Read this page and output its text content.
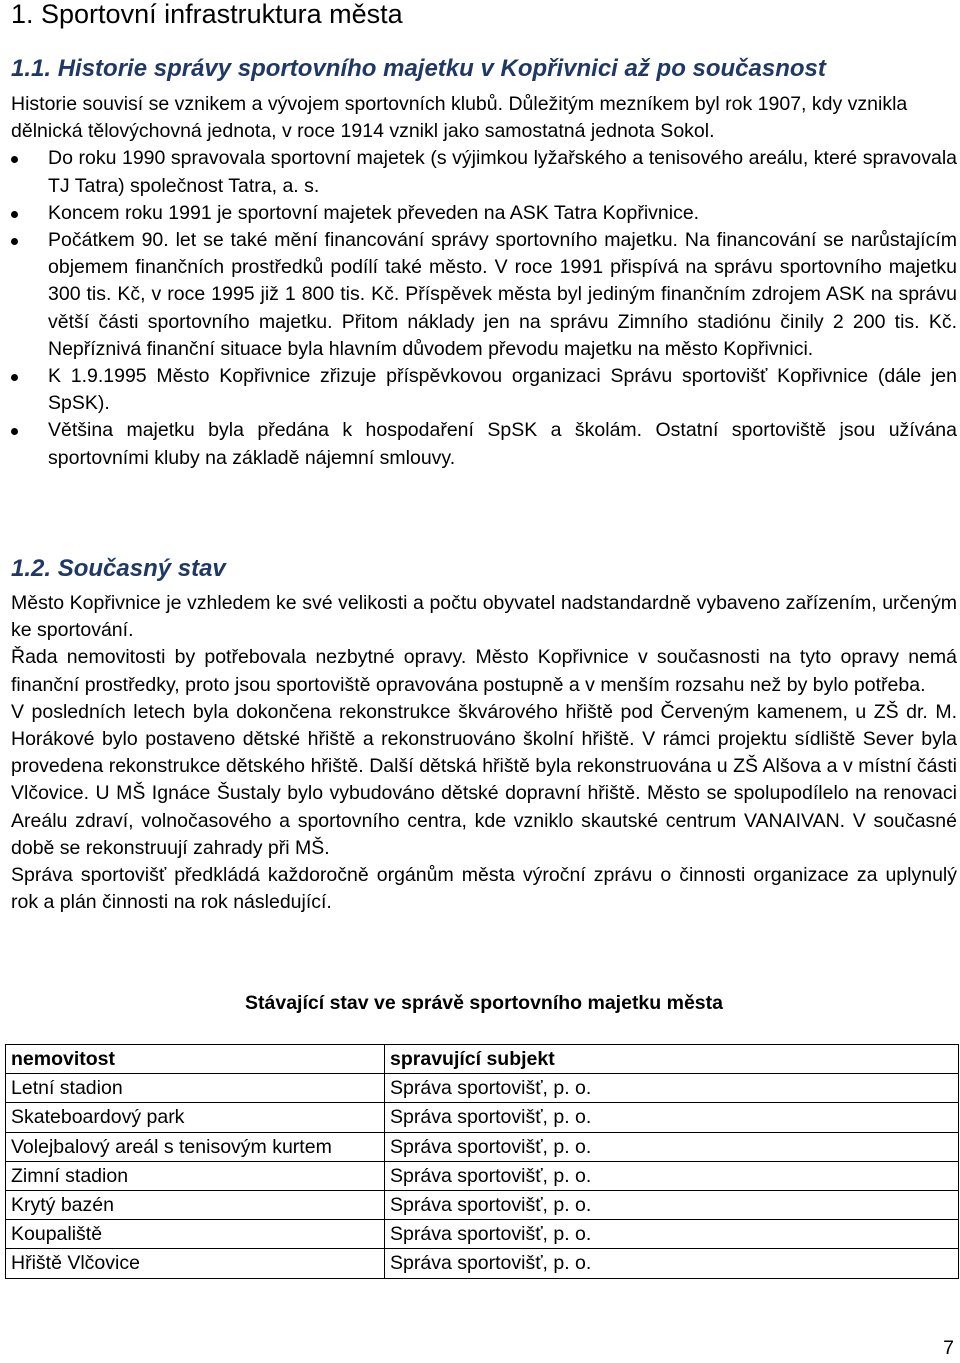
1. Sportovní infrastruktura města
1.1. Historie správy sportovního majetku v Kopřivnici až po současnost

Historie souvisí se vznikem a vývojem sportovních klubů. Důležitým mezníkem byl rok 1907, kdy vznikla dělnická tělovýchovná jednota, v roce 1914 vznikl jako samostatná jednota Sokol.

Do roku 1990 spravovala sportovní majetek (s výjimkou lyžařského a tenisového areálu, které spravovala TJ Tatra) společnost Tatra, a. s.
Koncem roku 1991 je sportovní majetek převeden na ASK Tatra Kopřivnice.
Počátkem 90. let se také mění financování správy sportovního majetku. Na financování se narůstajícím objemem finančních prostředků podílí také město. V roce 1991 přispívá na správu sportovního majetku 300 tis. Kč, v roce 1995 již 1 800 tis. Kč. Příspěvek města byl jediným finančním zdrojem ASK na správu větší části sportovního majetku. Přitom náklady jen na správu Zimního stadiónu činily 2 200 tis. Kč. Nepříznivá finanční situace byla hlavním důvodem převodu majetku na město Kopřivnici.
K 1.9.1995 Město Kopřivnice zřizuje příspěvkovou organizaci Správu sportovišť Kopřivnice (dále jen SpSK).
Většina majetku byla předána k hospodaření SpSK a školám. Ostatní sportoviště jsou užívána sportovními kluby na základě nájemní smlouvy.
1.2. Současný stav

Město Kopřivnice je vzhledem ke své velikosti a počtu obyvatel nadstandardně vybaveno zařízením, určeným ke sportování.

Řada nemovitosti by potřebovala nezbytné opravy. Město Kopřivnice v současnosti na tyto opravy nemá finanční prostředky, proto jsou sportoviště opravována postupně a v menším rozsahu než by bylo potřeba.

V posledních letech byla dokončena rekonstrukce škvárového hřiště pod Červeným kamenem, u ZŠ dr. M. Horákové bylo postaveno dětské hřiště a rekonstruováno školní hřiště. V rámci projektu sídliště Sever byla provedena rekonstrukce dětského hřiště. Další dětská hřiště byla rekonstruována u ZŠ Alšova a v místní části Vlčovice. U MŠ Ignáce Šustaly bylo vybudováno dětské dopravní hřiště. Město se spolupodílelo na renovaci Areálu zdraví, volnočasového a sportovního centra, kde vzniklo skautské centrum VANAIVAN. V současné době se rekonstruují zahrady při MŠ.

Správa sportovišť předkládá každoročně orgánům města výroční zprávu o činnosti organizace za uplynulý rok a plán činnosti na rok následující.

Stávající stav ve správě sportovního majetku města
nemovitost	spravující subjekt
Letní stadion	Správa sportovišť, p. o.
Skateboardový park	Správa sportovišť, p. o.
Volejbalový areál s tenisovým kurtem	Správa sportovišť, p. o.
Zimní stadion	Správa sportovišť, p. o.
Krytý bazén	Správa sportovišť, p. o.
Koupaliště	Správa sportovišť, p. o.
Hřiště Vlčovice	Správa sportovišť, p. o.
7
